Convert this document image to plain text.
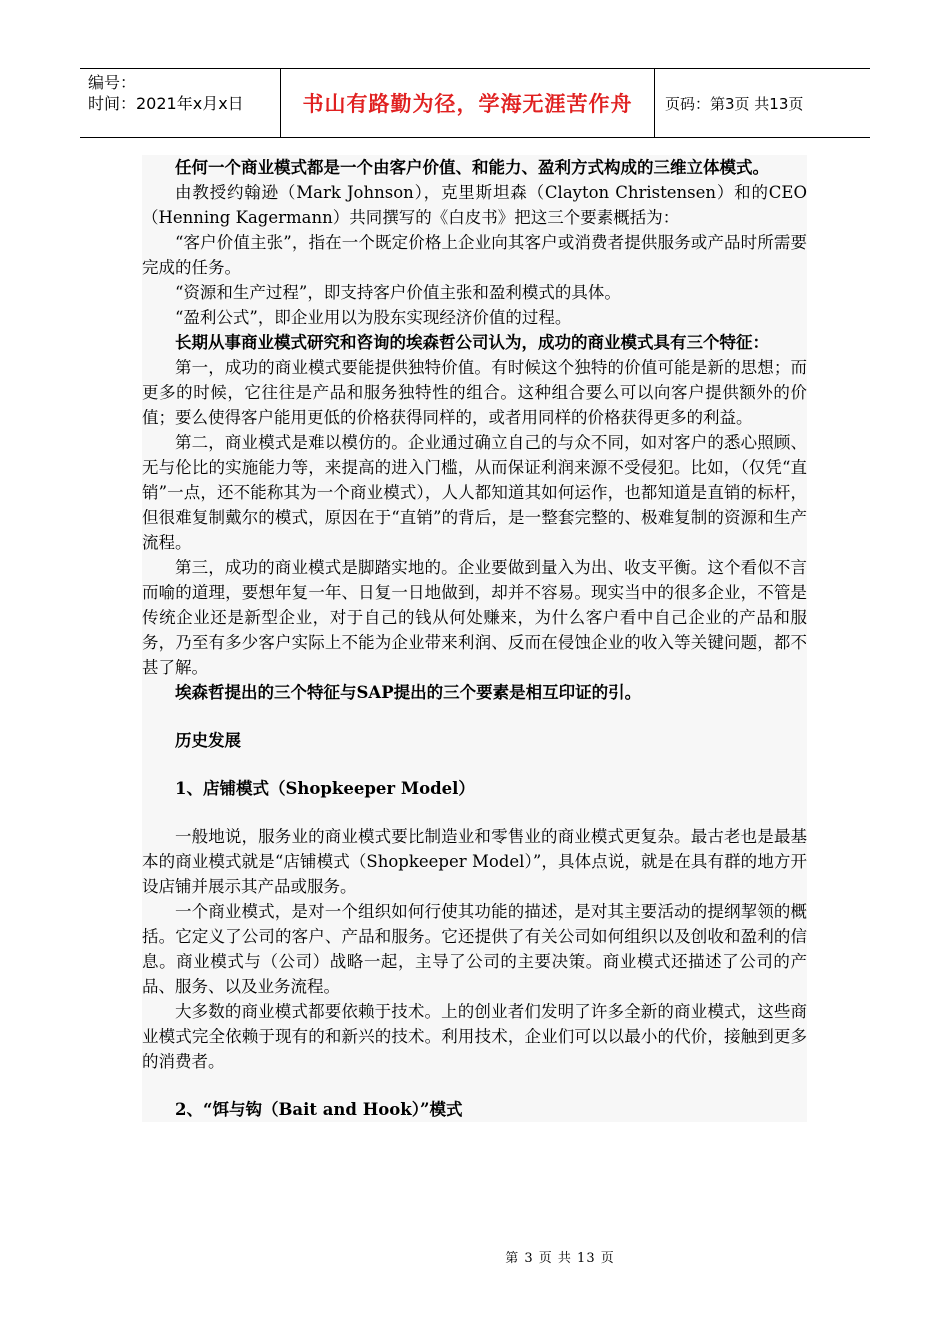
编号：
时间：2021年x月x日	书山有路勤为径，学海无涯苦作舟	页码：第3页 共13页

任何一个商业模式都是一个由客户价值、和能力、盈利方式构成的三维立体模式。

由教授约翰逊（Mark Johnson），克里斯坦森（Clayton Christensen）和的CEO（Henning Kagermann）共同撰写的《白皮书》把这三个要素概括为：

“客户价值主张”，指在一个既定价格上企业向其客户或消费者提供服务或产品时所需要完成的任务。

“资源和生产过程”，即支持客户价值主张和盈利模式的具体。

“盈利公式”，即企业用以为股东实现经济价值的过程。

长期从事商业模式研究和咨询的埃森哲公司认为，成功的商业模式具有三个特征：

第一，成功的商业模式要能提供独特价值。有时候这个独特的价值可能是新的思想；而更多的时候，它往往是产品和服务独特性的组合。这种组合要么可以向客户提供额外的价值；要么使得客户能用更低的价格获得同样的，或者用同样的价格获得更多的利益。

第二，商业模式是难以模仿的。企业通过确立自己的与众不同，如对客户的悉心照顾、无与伦比的实施能力等，来提高的进入门槛，从而保证利润来源不受侵犯。比如，（仅凭“直销”一点，还不能称其为一个商业模式），人人都知道其如何运作，也都知道是直销的标杆，但很难复制戴尔的模式，原因在于“直销”的背后，是一整套完整的、极难复制的资源和生产流程。

第三，成功的商业模式是脚踏实地的。企业要做到量入为出、收支平衡。这个看似不言而喻的道理，要想年复一年、日复一日地做到，却并不容易。现实当中的很多企业，不管是传统企业还是新型企业，对于自己的钱从何处赚来，为什么客户看中自己企业的产品和服务，乃至有多少客户实际上不能为企业带来利润、反而在侵蚀企业的收入等关键问题，都不甚了解。

埃森哲提出的三个特征与SAP提出的三个要素是相互印证的引。

历史发展

1、店铺模式（Shopkeeper Model）

一般地说，服务业的商业模式要比制造业和零售业的商业模式更复杂。最古老也是最基本的商业模式就是“店铺模式（Shopkeeper Model）”，具体点说，就是在具有群的地方开设店铺并展示其产品或服务。

一个商业模式，是对一个组织如何行使其功能的描述，是对其主要活动的提纲挈领的概括。它定义了公司的客户、产品和服务。它还提供了有关公司如何组织以及创收和盈利的信息。商业模式与（公司）战略一起，主导了公司的主要决策。商业模式还描述了公司的产品、服务、以及业务流程。

大多数的商业模式都要依赖于技术。上的创业者们发明了许多全新的商业模式，这些商业模式完全依赖于现有的和新兴的技术。利用技术，企业们可以以最小的代价，接触到更多的消费者。

2、“饵与钩（Bait and Hook）”模式

第 3 页 共 13 页
